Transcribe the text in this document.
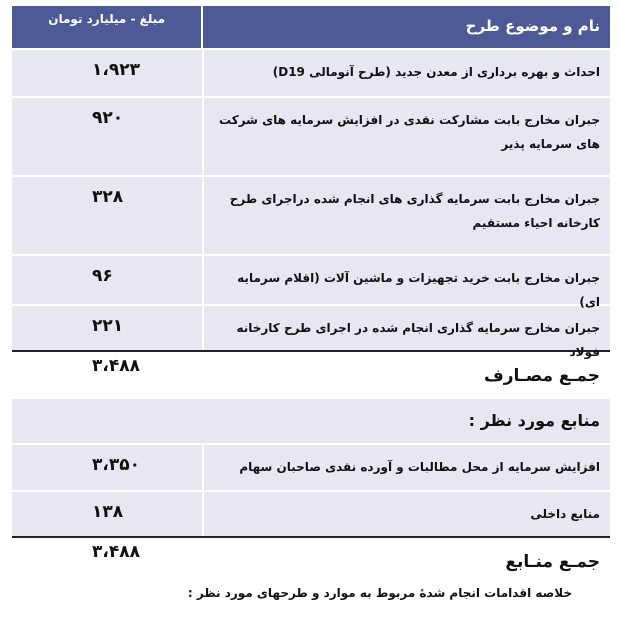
مبلغ - میلیارد تومان	نام و موضوع طرح
۱،۹۲۳	احداث و بهره برداری از معدن جدید (طرح آنومالی D19)
۹۲۰	جبران مخارج بابت مشارکت نقدی در افزایش سرمایه های شرکت های سرمایه پذیر
۳۲۸	جبران مخارج بابت سرمایه گذاری های انجام شده دراجرای طرح کارخانه احیاء مستقیم
۹۶	جبران مخارج بابت خرید تجهیزات و ماشین آلات (اقلام سرمایه ای)
۲۲۱	جبران مخارج سرمایه گذاری انجام شده در اجرای طرح کارخانه فولاد
۳،۴۸۸	جمـع مصـارف
منابع مورد نظر :
۳،۳۵۰	افزایش سرمایه از محل مطالبات و آورده نقدی صاحبان سهام
۱۳۸	منابع داخلی
۳،۴۸۸	جمـع منـابع
خلاصه اقدامات انجام شدۀ مربوط به موارد و طرحهای مورد نظر :
